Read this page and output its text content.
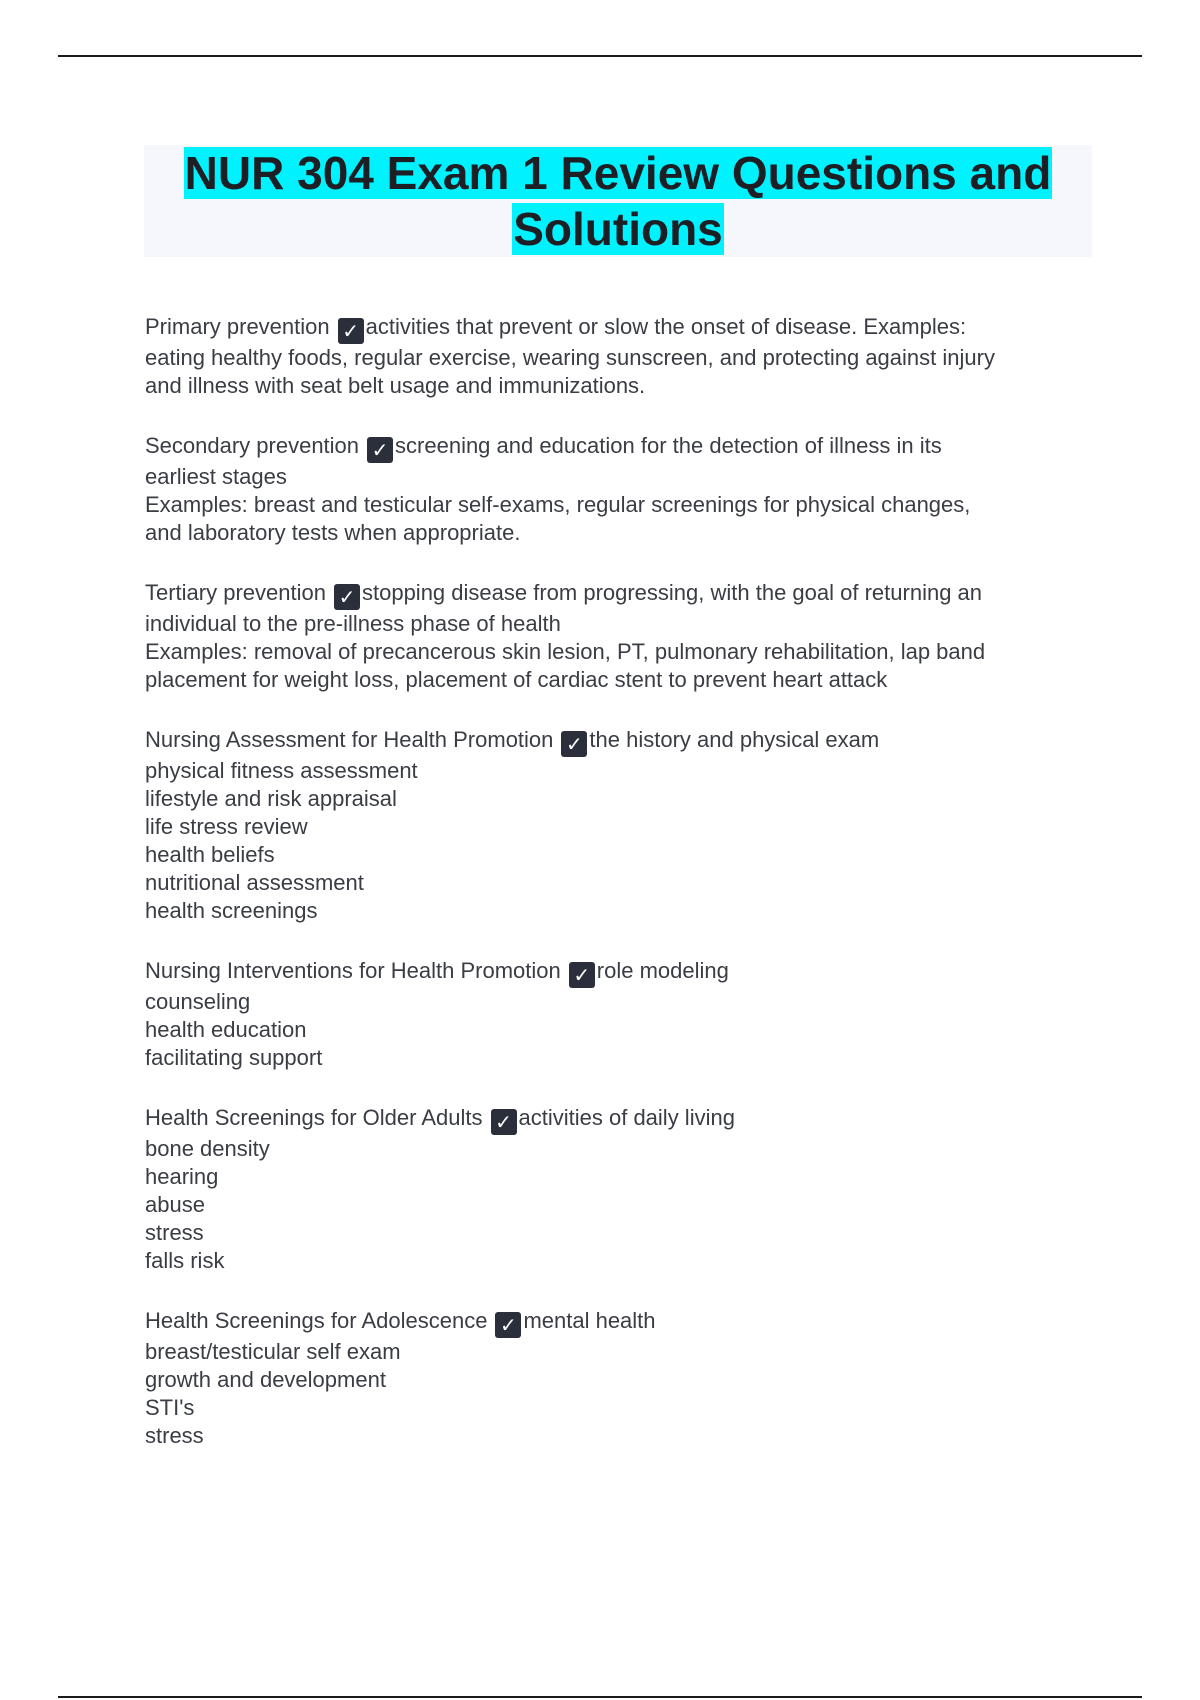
NUR 304 Exam 1 Review Questions and
Solutions
Primary prevention ✓ activities that prevent or slow the onset of disease. Examples:
eating healthy foods, regular exercise, wearing sunscreen, and protecting against injury
and illness with seat belt usage and immunizations.
Secondary prevention ✓ screening and education for the detection of illness in its
earliest stages
Examples: breast and testicular self-exams, regular screenings for physical changes,
and laboratory tests when appropriate.
Tertiary prevention ✓ stopping disease from progressing, with the goal of returning an
individual to the pre-illness phase of health
Examples: removal of precancerous skin lesion, PT, pulmonary rehabilitation, lap band
placement for weight loss, placement of cardiac stent to prevent heart attack
Nursing Assessment for Health Promotion ✓ the history and physical exam
physical fitness assessment
lifestyle and risk appraisal
life stress review
health beliefs
nutritional assessment
health screenings
Nursing Interventions for Health Promotion ✓ role modeling
counseling
health education
facilitating support
Health Screenings for Older Adults ✓ activities of daily living
bone density
hearing
abuse
stress
falls risk
Health Screenings for Adolescence ✓ mental health
breast/testicular self exam
growth and development
STI's
stress
